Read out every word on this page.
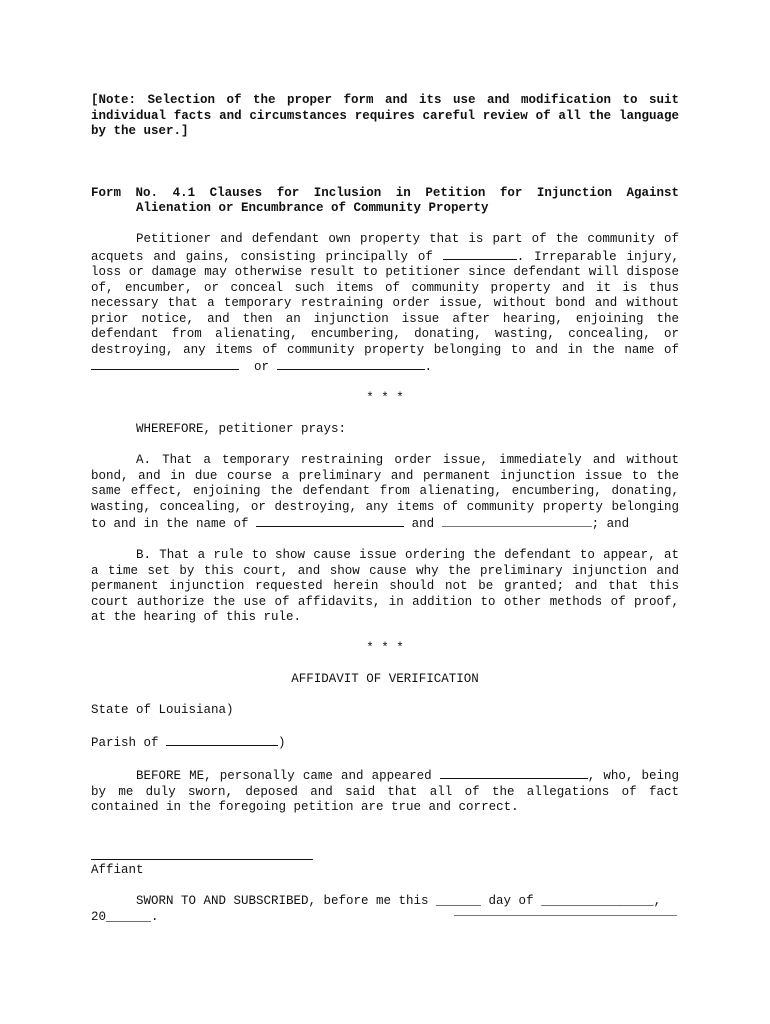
[Note: Selection of the proper form and its use and modification to suit individual facts and circumstances requires careful review of all the language by the user.]

Form No. 4.1 Clauses for Inclusion in Petition for Injunction Against Alienation or Encumbrance of Community Property

Petitioner and defendant own property that is part of the community of acquets and gains, consisting principally of	. Irreparable injury, loss or damage may otherwise result to petitioner since defendant will dispose of, encumber, or conceal such items of community property and it is thus necessary that a temporary restraining order issue, without bond and without prior notice, and then an injunction issue after hearing, enjoining the defendant from alienating, encumbering, donating, wasting, concealing, or destroying, any items of community property belonging to and in the name of   or	.

* * *

WHEREFORE, petitioner prays:

A. That a temporary restraining order issue, immediately and without bond, and in due course a preliminary and permanent injunction issue to the same effect, enjoining the defendant from alienating, encumbering, donating, wasting, concealing, or destroying, any items of community property belonging to and in the name of	and	; and

B. That a rule to show cause issue ordering the defendant to appear, at a time set by this court, and show cause why the preliminary injunction and permanent injunction requested herein should not be granted; and that this court authorize the use of affidavits, in addition to other methods of proof, at the hearing of this rule.

* * *

AFFIDAVIT OF VERIFICATION

State of Louisiana)

Parish of	)

BEFORE ME, personally came and appeared	, who, being by me duly sworn, deposed and said that all of the allegations of fact contained in the foregoing petition are true and correct.

Affiant

SWORN TO AND SUBSCRIBED, before me this ______ day of _______________,

20______.
